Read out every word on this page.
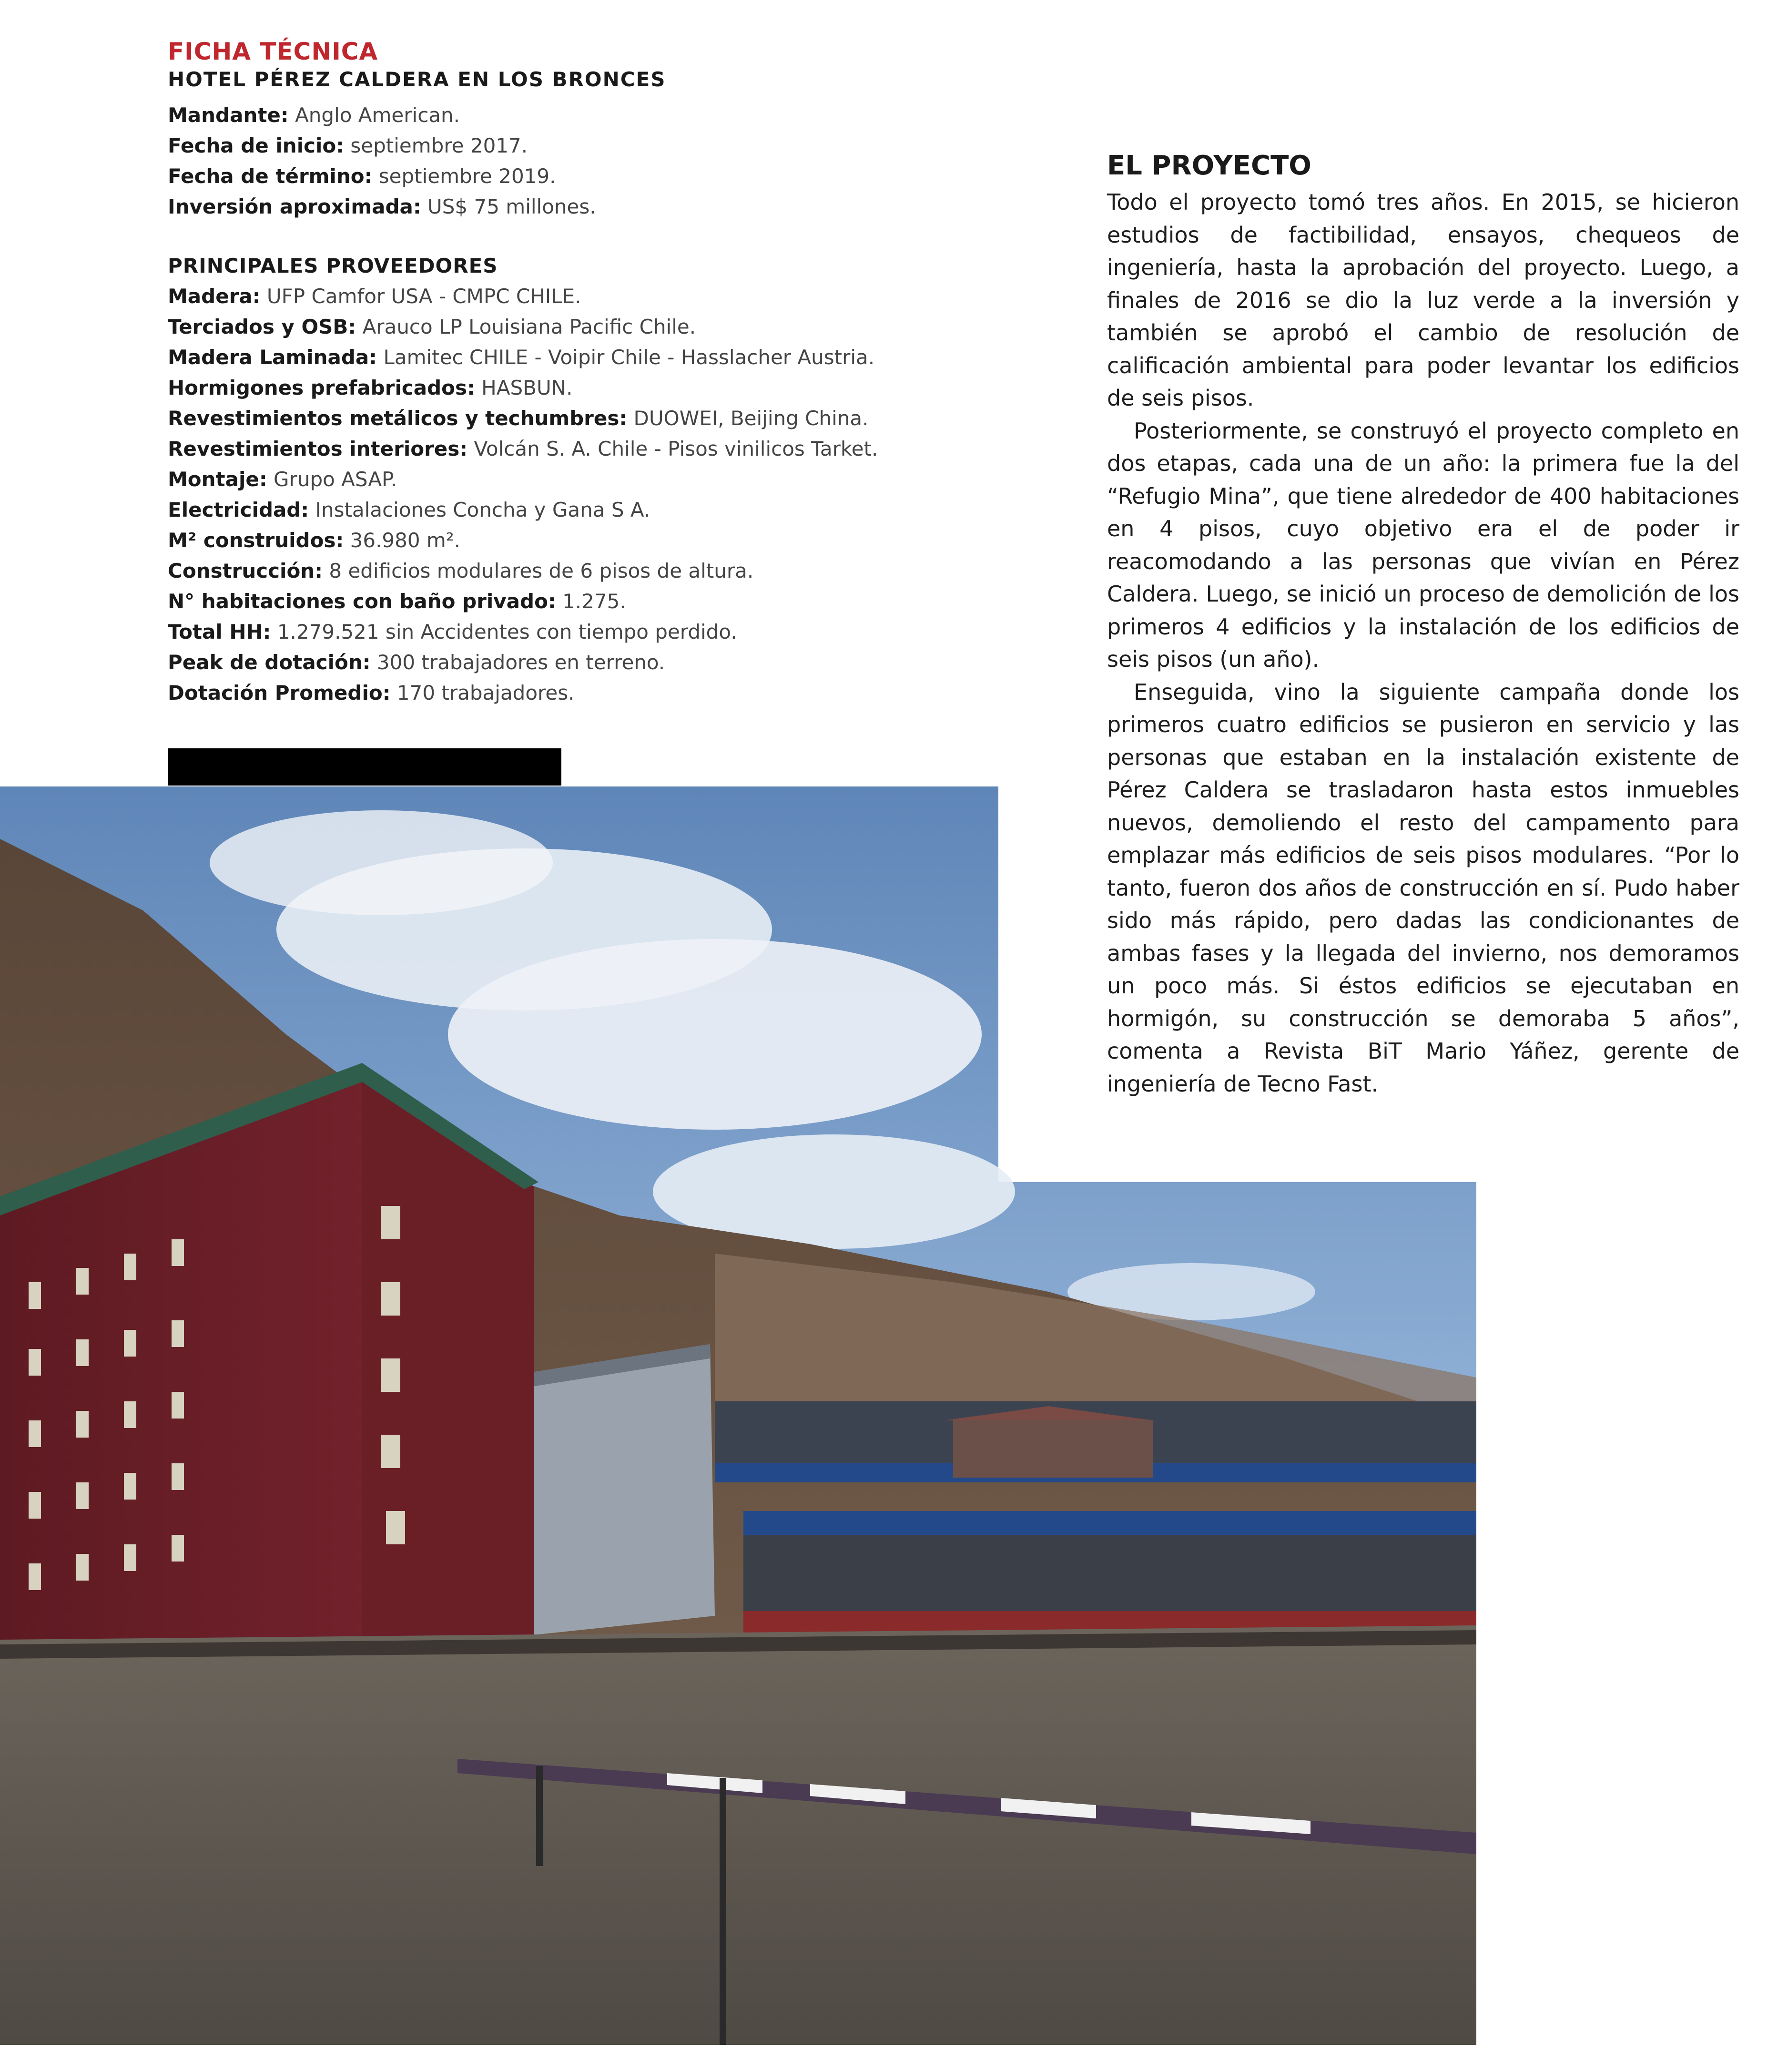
FICHA TÉCNICA
HOTEL PÉREZ CALDERA EN LOS BRONCES
Mandante: Anglo American.
Fecha de inicio: septiembre 2017.
Fecha de término: septiembre 2019.
Inversión aproximada: US$ 75 millones.
PRINCIPALES PROVEEDORES
Madera: UFP Camfor USA - CMPC CHILE.
Terciados y OSB: Arauco LP Louisiana Pacific Chile.
Madera Laminada: Lamitec CHILE - Voipir Chile - Hasslacher Austria.
Hormigones prefabricados: HASBUN.
Revestimientos metálicos y techumbres: DUOWEI, Beijing China.
Revestimientos interiores: Volcán S. A. Chile - Pisos vinilicos Tarket.
Montaje: Grupo ASAP.
Electricidad: Instalaciones Concha y Gana S A.
M² construidos: 36.980 m².
Construcción: 8 edificios modulares de 6 pisos de altura.
N° habitaciones con baño privado: 1.275.
Total HH: 1.279.521 sin Accidentes con tiempo perdido.
Peak de dotación: 300 trabajadores en terreno.
Dotación Promedio: 170 trabajadores.
EL PROYECTO

Todo el proyecto tomó tres años. En 2015, se hicieron estudios de factibilidad, ensayos, chequeos de ingeniería, hasta la aprobación del proyecto. Luego, a finales de 2016 se dio la luz verde a la inversión y también se aprobó el cambio de resolución de calificación ambiental para poder levantar los edificios de seis pisos.

Posteriormente, se construyó el proyecto completo en dos etapas, cada una de un año: la primera fue la del “Refugio Mina”, que tiene alrededor de 400 habitaciones en 4 pisos, cuyo objetivo era el de poder ir reacomodando a las personas que vivían en Pérez Caldera. Luego, se inició un proceso de demolición de los primeros 4 edificios y la instalación de los edificios de seis pisos (un año).

Enseguida, vino la siguiente campaña donde los primeros cuatro edificios se pusieron en servicio y las personas que estaban en la instalación existente de Pérez Caldera se trasladaron hasta estos inmuebles nuevos, demoliendo el resto del campamento para emplazar más edificios de seis pisos modulares. “Por lo tanto, fueron dos años de construcción en sí. Pudo haber sido más rápido, pero dadas las condicionantes de ambas fases y la llegada del invierno, nos demoramos un poco más. Si éstos edificios se ejecutaban en hormigón, su construcción se demoraba 5 años”, comenta a Revista BiT Mario Yáñez, gerente de ingeniería de Tecno Fast.
